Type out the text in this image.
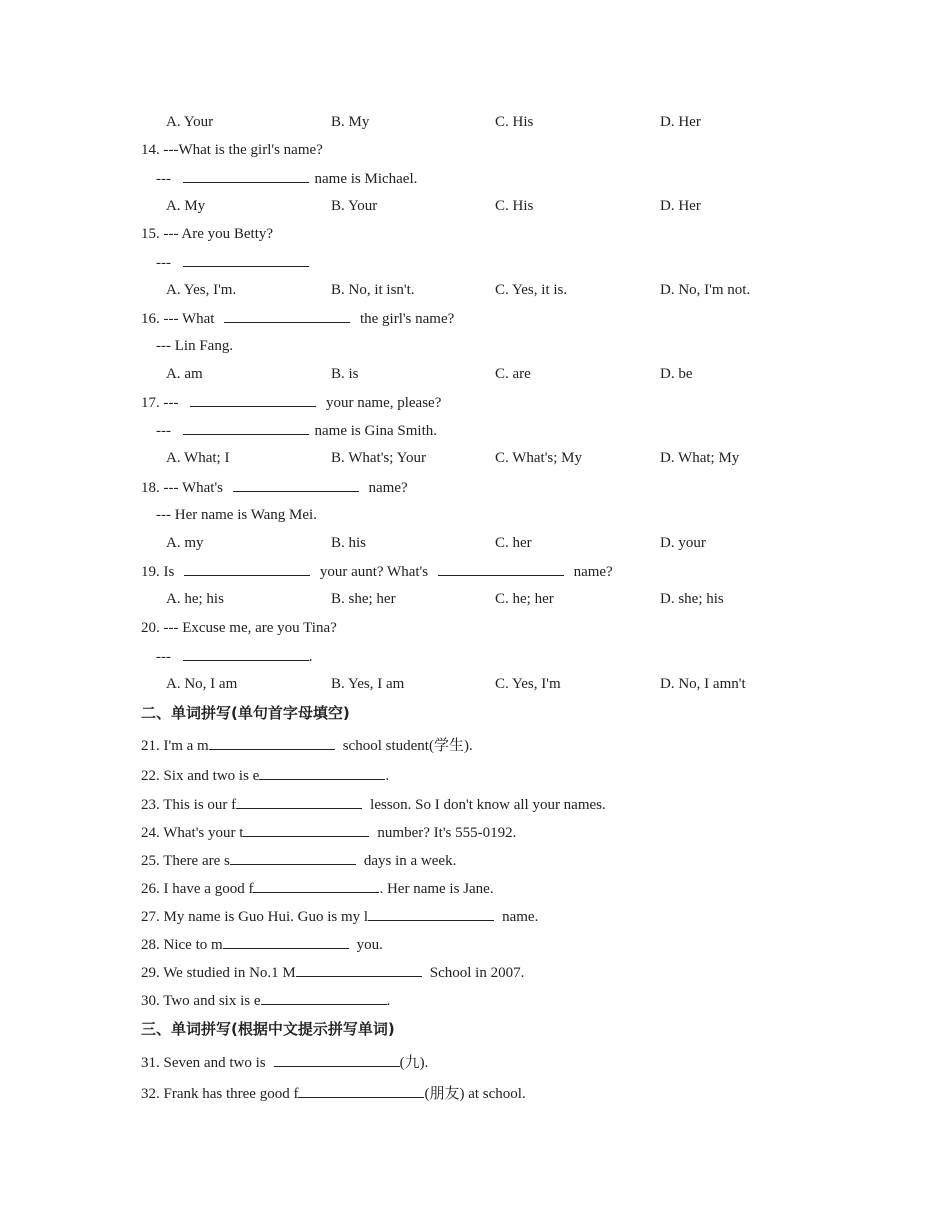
A. Your	B. My	C. His	D. Her
14. ---What is the girl's name?
---	name is Michael.
A. My	B. Your	C. His	D. Her
15. --- Are you Betty?
---
A. Yes, I'm.	B. No, it isn't.	C. Yes, it is.	D. No, I'm not.
16. --- What	the girl's name?
--- Lin Fang.
A. am	B. is	C. are	D. be
17. ---	your name, please?
---	name is Gina Smith.
A. What; I	B. What's; Your	C. What's; My	D. What; My
18. --- What's	name?
--- Her name is Wang Mei.
A. my	B. his	C. her	D. your
19. Is	your aunt? What's	name?
A. he; his	B. she; her	C. he; her	D. she; his
20. --- Excuse me, are you Tina?
---	.
A. No, I am	B. Yes, I am	C. Yes, I'm	D. No, I amn't
二、单词拼写(单句首字母填空)
21. I'm a m	school student(学生).
22. Six and two is e	.
23. This is our f	lesson. So I don't know all your names.
24. What's your t	number? It's 555-0192.
25. There are s	days in a week.
26. I have a good f	. Her name is Jane.
27. My name is Guo Hui. Guo is my l	name.
28. Nice to m	you.
29. We studied in No.1 M	School in 2007.
30. Two and six is e	.
三、单词拼写(根据中文提示拼写单词)
31. Seven and two is	(九).
32. Frank has three good f	(朋友) at school.
